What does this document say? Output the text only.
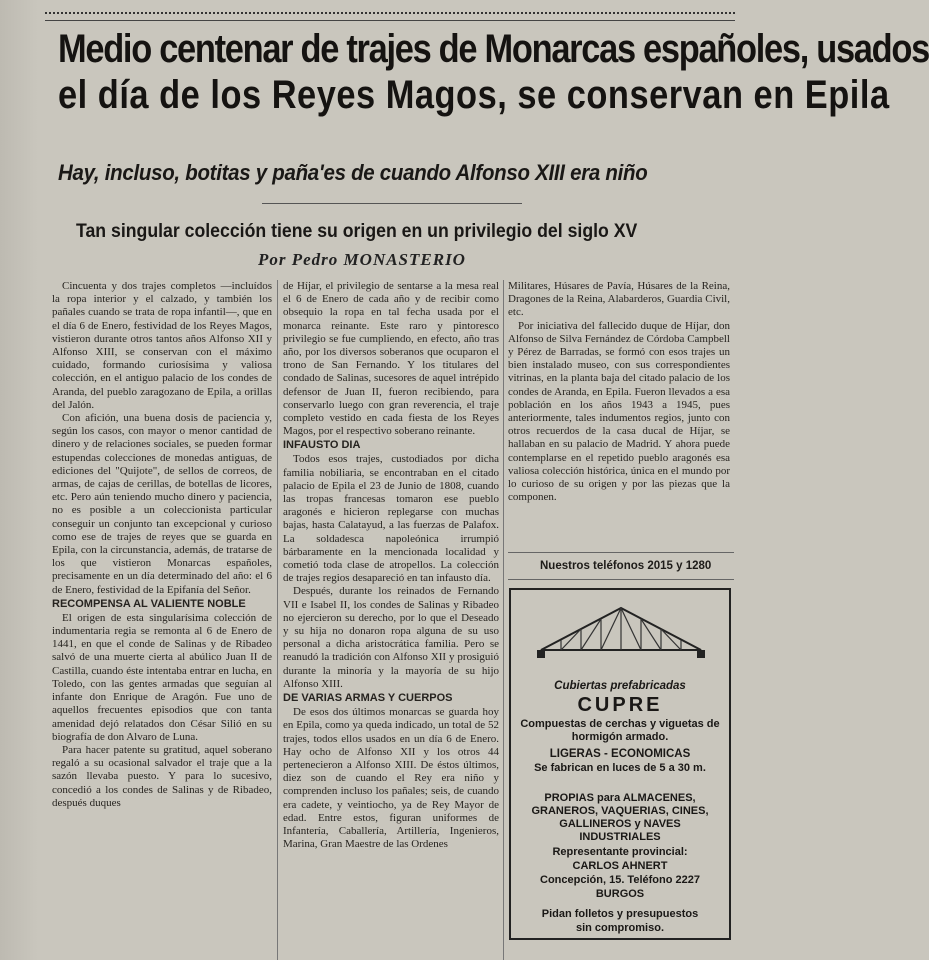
Medio centenar de trajes de Monarcas españoles, usados
el día de los Reyes Magos, se conservan en Epila
Hay, incluso, botitas y paña'es de cuando Alfonso XIII era niño
Tan singular colección tiene su origen en un privilegio del siglo XV
Por Pedro MONASTERIO

Cincuenta y dos trajes completos —incluídos la ropa interior y el calzado, y también los pañales cuando se trata de ropa infantil—, que en el día 6 de Enero, festividad de los Reyes Magos, vistieron durante otros tantos años Alfonso XII y Alfonso XIII, se conservan con el máximo cuidado, formando curiosísima y valiosa colección, en el antiguo palacio de los condes de Aranda, del pueblo zaragozano de Epila, a orillas del Jalón.

Con afición, una buena dosis de paciencia y, según los casos, con mayor o menor cantidad de dinero y de relaciones sociales, se pueden formar estupendas colecciones de monedas antiguas, de ediciones del "Quijote", de sellos de correos, de armas, de cajas de cerillas, de botellas de licores, etc. Pero aún teniendo mucho dinero y paciencia, no es posible a un coleccionista particular conseguir un conjunto tan excepcional y curioso como ese de trajes de reyes que se guarda en Epila, con la circunstancia, además, de tratarse de los que vistieron Monarcas españoles, precisamente en un día determinado del año: el 6 de Enero, festividad de la Epifanía del Señor.

RECOMPENSA AL VALIENTE NOBLE

El origen de esta singularísima colección de indumentaria regia se remonta al 6 de Enero de 1441, en que el conde de Salinas y de Ribadeo salvó de una muerte cierta al abúlico Juan II de Castilla, cuando éste intentaba entrar en lucha, en Toledo, con las gentes armadas que seguían al infante don Enrique de Aragón. Fue uno de aquellos frecuentes episodios que con tanta amenidad dejó relatados don César Silió en su biografía de don Alvaro de Luna.

Para hacer patente su gratitud, aquel soberano regaló a su ocasional salvador el traje que a la sazón llevaba puesto. Y para lo sucesivo, concedió a los condes de Salinas y de Ribadeo, después duques

de Híjar, el privilegio de sentarse a la mesa real el 6 de Enero de cada año y de recibir como obsequio la ropa en tal fecha usada por el monarca reinante. Este raro y pintoresco privilegio se fue cumpliendo, en efecto, año tras año, por los diversos soberanos que ocuparon el trono de San Fernando. Y los titulares del condado de Salinas, sucesores de aquel intrépido defensor de Juan II, fueron recibiendo, para conservarlo luego con gran reverencia, el traje completo vestido en cada fiesta de los Reyes Magos, por el respectivo soberano reinante.

INFAUSTO DIA

Todos esos trajes, custodiados por dicha familia nobiliaria, se encontraban en el citado palacio de Epila el 23 de Junio de 1808, cuando las tropas francesas tomaron ese pueblo aragonés e hicieron replegarse con muchas bajas, hasta Calatayud, a las fuerzas de Palafox. La soldadesca napoleónica irrumpió bárbaramente en la mencionada localidad y cometió toda clase de atropellos. La colección de trajes regios desapareció en tan infausto día.

Después, durante los reinados de Fernando VII e Isabel II, los condes de Salinas y Ribadeo no ejercieron su derecho, por lo que el Deseado y su hija no donaron ropa alguna de su uso personal a dicha aristocrática familia. Pero se reanudó la tradición con Alfonso XII y prosiguió durante la minoría y la mayoría de su hijo Alfonso XIII.

DE VARIAS ARMAS Y CUERPOS

De esos dos últimos monarcas se guarda hoy en Epila, como ya queda indicado, un total de 52 trajes, todos ellos usados en un día 6 de Enero. Hay ocho de Alfonso XII y los otros 44 pertenecieron a Alfonso XIII. De éstos últimos, diez son de cuando el Rey era niño y comprenden incluso los pañales; seis, de cuando era cadete, y veintiocho, ya de Rey Mayor de edad. Entre estos, figuran uniformes de Infantería, Caballería, Artillería, Ingenieros, Marina, Gran Maestre de las Ordenes

Militares, Húsares de Pavía, Húsares de la Reina, Dragones de la Reina, Alabarderos, Guardia Civil, etc.

Por iniciativa del fallecido duque de Híjar, don Alfonso de Silva Fernández de Córdoba Campbell y Pérez de Barradas, se formó con esos trajes un bien instalado museo, con sus correspondientes vitrinas, en la planta baja del citado palacio de los condes de Aranda, en Epila. Fueron llevados a esa población en los años 1943 a 1945, pues anteriormente, tales indumentos regios, junto con otros recuerdos de la casa ducal de Híjar, se hallaban en su palacio de Madrid. Y ahora puede contemplarse en el repetido pueblo aragonés esa valiosa colección histórica, única en el mundo por lo curioso de su origen y por las piezas que la componen.

Nuestros teléfonos 2015 y 1280
Cubiertas prefabricadas
CUPRE
Compuestas de cerchas y viguetas de hormigón armado.
LIGERAS - ECONOMICAS
Se fabrican en luces de 5 a 30 m.
PROPIAS para ALMACENES, GRANEROS, VAQUERIAS, CINES, GALLINEROS y NAVES INDUSTRIALES
Representante provincial:
CARLOS AHNERT
Concepción, 15. Teléfono 2227
BURGOS
Pidan folletos y presupuestos
sin compromiso.
